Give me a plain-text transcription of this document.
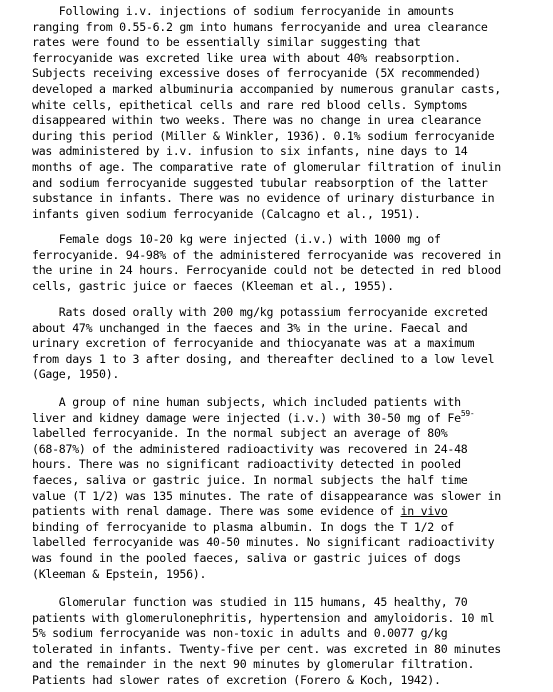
Following i.v. injections of sodium ferrocyanide in amounts
ranging from 0.55-6.2 gm into humans ferrocyanide and urea clearance
rates were found to be essentially similar suggesting that
ferrocyanide was excreted like urea with about 40% reabsorption.
Subjects receiving excessive doses of ferrocyanide (5X recommended)
developed a marked albuminuria accompanied by numerous granular casts,
white cells, epithetical cells and rare red blood cells. Symptoms
disappeared within two weeks. There was no change in urea clearance
during this period (Miller & Winkler, 1936). 0.1% sodium ferrocyanide
was administered by i.v. infusion to six infants, nine days to 14
months of age. The comparative rate of glomerular filtration of inulin
and sodium ferrocyanide suggested tubular reabsorption of the latter
substance in infants. There was no evidence of urinary disturbance in
infants given sodium ferrocyanide (Calcagno et al., 1951).
Female dogs 10-20 kg were injected (i.v.) with 1000 mg of
ferrocyanide. 94-98% of the administered ferrocyanide was recovered in
the urine in 24 hours. Ferrocyanide could not be detected in red blood
cells, gastric juice or faeces (Kleeman et al., 1955).
Rats dosed orally with 200 mg/kg potassium ferrocyanide excreted
about 47% unchanged in the faeces and 3% in the urine. Faecal and
urinary excretion of ferrocyanide and thiocyanate was at a maximum
from days 1 to 3 after dosing, and thereafter declined to a low level
(Gage, 1950).
A group of nine human subjects, which included patients with
liver and kidney damage were injected (i.v.) with 30-50 mg of $Fe^{59-}$
labelled ferrocyanide. In the normal subject an average of 80%
(68-87%) of the administered radioactivity was recovered in 24-48
hours. There was no significant radioactivity detected in pooled
faeces, saliva or gastric juice. In normal subjects the half time
value (T 1/2) was 135 minutes. The rate of disappearance was slower in
patients with renal damage. There was some evidence of in vivo
binding of ferrocyanide to plasma albumin. In dogs the T 1/2 of
labelled ferrocyanide was 40-50 minutes. No significant radioactivity
was found in the pooled faeces, saliva or gastric juices of dogs
(Kleeman & Epstein, 1956).
Glomerular function was studied in 115 humans, 45 healthy, 70
patients with glomerulonephritis, hypertension and amyloidoris. 10 ml
5% sodium ferrocyanide was non-toxic in adults and 0.0077 g/kg
tolerated in infants. Twenty-five per cent. was excreted in 80 minutes
and the remainder in the next 90 minutes by glomerular filtration.
Patients had slower rates of excretion (Forero & Koch, 1942).
